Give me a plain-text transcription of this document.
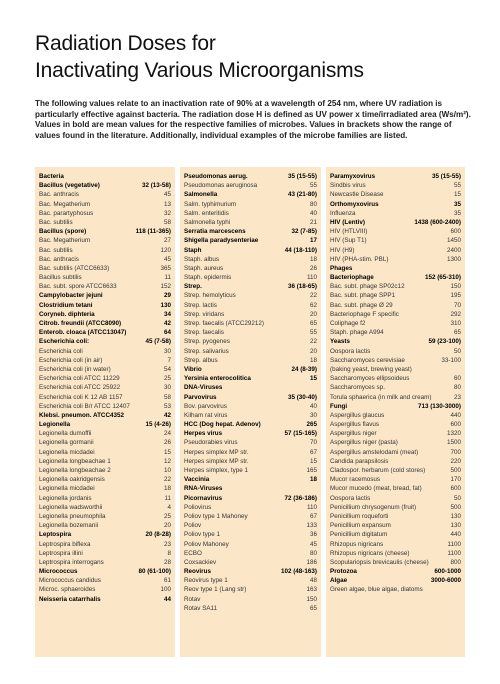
Radiation Doses for
Inactivating Various Microorganisms
The following values relate to an inactivation rate of 90% at a wavelength of 254 nm, where UV radiation is particularly effective against bacteria. The radiation dose H is defined as UV power x time/irradiated area (Ws/m²). Values in bold are mean values for the respective families of microbes. Values in brackets show the range of values found in the literature. Additionally, individual examples of the microbe families are listed.
Bacteria
Bacillus (vegetative)	32 (13-58)
Bac. anthracis	45
Bac. Megatherium	13
Bac. parartyphosus	32
Bac. subtilis	58
Bacillus (spore)	118 (11-365)
Bac. Megatherium	27
Bac. subtilis	120
Bac. anthracis	45
Bac. subtilis (ATCC6633)	365
Bacillus subtilis	11
Bac. subt. spore ATCC6633	152
Campylobacter jejuni	29
Clostridium tetani	130
Coryneb. diphteria	34
Citrob. freundii (ATCC8090)	42
Enterob. cloaca (ATCC13047)	64
Escherichia coli:	45 (7-58)
Escherichia coli	30
Escherichia coli (in air)	7
Escherichia coli (in water)	54
Escherichia coli ATCC 11229	25
Escherichia coli ATCC 25922	30
Escherichia coli K 12 AB 1157	58
Escherichia coli B/r ATCC 12407	53
Klebsi. pneumon. ATCC4352	42
Legionella	15 (4-26)
Legionella dumoffii	24
Legionella gormanii	26
Legionella micdadei	15
Legionella longbeachae 1	12
Legionella longbeachae 2	10
Legionella oakridgensis	22
Legionella micdadei	18
Legionella jordanis	11
Legionella wadsworthii	4
Legionella pneumophila	25
Legionella bozemanii	20
Leptospira	20 (8-28)
Leptrospira biflexa	23
Leptrospira illini	8
Leptrospira interrogans	28
Micrococcus	80 (61-100)
Micrococcus candidus	61
Microc. sphaeroides	100
Neisseria catarrhalis	44
Pseudomonas aerug.	35 (15-55)
Pseudomonas aeruginosa	55
Salmonella	43 (21-80)
Salm. typhimurium	80
Salm. enteritidis	40
Salmonella typhi	21
Serratia marcescens	32 (7-85)
Shigella paradysenteriae	17
Staph	44 (18-110)
Staph. albus	18
Staph. aureus	26
Staph. epidermis	110
Strep.	36 (18-65)
Strep. hemolyticus	22
Strep. lactis	62
Strep. viridans	20
Strep. faecalis (ATCC29212)	65
Strep. faecalis	55
Strep. pyogenes	22
Strep. salivarius	20
Strep. albus	18
Vibrio	24 (8-39)
Yersinia enterocolitica	15
DNA-Viruses
Parvovirus	35 (30-40)
Bov. parvovirus	40
Kilham rat virus	30
HCC (Dog hepat. Adenov)	265
Herpes virus	57 (15-165)
Pseudorabies virus	70
Herpes simplex MP str.	67
Herpes simplex MP str.	15
Herpes simplex, type 1	165
Vaccinia	18
RNA-Viruses
Picornavirus	72 (36-186)
Poliovirus	110
Poliov type 1 Mahoney	67
Poliov	133
Poliov type 1	36
Poliov Mahoney	45
ECBO	80
Coxsackiev	186
Reovirus	102 (48-163)
Reovirus type 1	48
Reov type 1 (Lang str)	163
Rotav	150
Rotav SA11	65
Paramyxovirus	35 (15-55)
Sindbis virus	55
Newcastle Disease	15
Orthomyxovirus	35
Influenza	35
HIV (Lentiv)	1438 (600-2400)
HIV (HTLVIII)	600
HIV (Sup T1)	1450
HIV (H9)	2400
HIV (PHA-stim. PBL)	1300
Phages
Bacteriophage	152 (65-310)
Bac. subt. phage SP02c12	150
Bac. subt. phage SPP1	195
Bac. subt. phage Ø 29	70
Bacteriophage F specific	292
Coliphage f2	310
Staph. phage A994	65
Yeasts	59 (23-100)
Oospora lactis	50
Saccharomyces cerevisiae	33-100
(baking yeast, brewing yeast)
Saccharomyces ellipsoideus	60
Saccharomyces sp.	80
Torula sphaerica (in milk and cream)	23
Fungi	713 (130-3000)
Aspergillus glaucus	440
Aspergillus flavus	600
Aspergillus niger	1320
Aspergillus niger (pasta)	1500
Aspergillus amstelodami (meat)	700
Candida parapsilosis	220
Cladospor. herbarum (cold stores)	500
Mucor racemosus	170
Mucor mucedo (meat, bread, fat)	600
Oospora lactis	50
Penicillium chrysogenum (fruit)	500
Penicillium roqueforti	130
Penicillium expansum	130
Penicillium digitatum	440
Rhizopus nigricans	1100
Rhizopus nigricans (cheese)	1100
Scopulariopsis brevicaulis (cheese)	800
Protozoa	600-1000
Algae	3000-6000
Green algae, blue algae, diatoms
